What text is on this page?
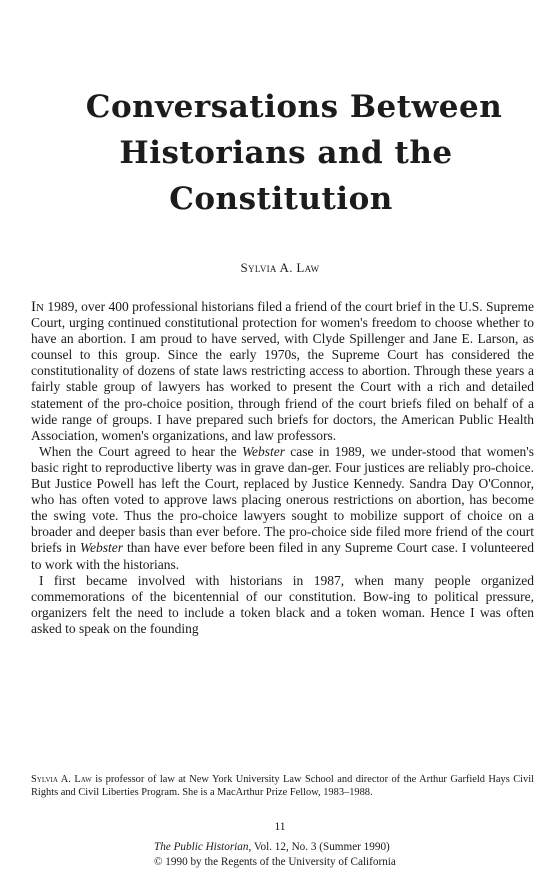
Conversations Between
Historians and the
Constitution
Sylvia A. Law

In 1989, over 400 professional historians filed a friend of the court brief in the U.S. Supreme Court, urging continued constitutional protection for women's freedom to choose whether to have an abortion. I am proud to have served, with Clyde Spillenger and Jane E. Larson, as counsel to this group. Since the early 1970s, the Supreme Court has considered the constitutionality of dozens of state laws restricting access to abortion. Through these years a fairly stable group of lawyers has worked to present the Court with a rich and detailed statement of the pro-choice position, through friend of the court briefs filed on behalf of a wide range of groups. I have prepared such briefs for doctors, the American Public Health Association, women's organizations, and law professors.

When the Court agreed to hear the Webster case in 1989, we under-stood that women's basic right to reproductive liberty was in grave dan-ger. Four justices are reliably pro-choice. But Justice Powell has left the Court, replaced by Justice Kennedy. Sandra Day O'Connor, who has often voted to approve laws placing onerous restrictions on abortion, has become the swing vote. Thus the pro-choice lawyers sought to mobilize support of choice on a broader and deeper basis than ever before. The pro-choice side filed more friend of the court briefs in Webster than have ever before been filed in any Supreme Court case. I volunteered to work with the historians.

I first became involved with historians in 1987, when many people organized commemorations of the bicentennial of our constitution. Bow-ing to political pressure, organizers felt the need to include a token black and a token woman. Hence I was often asked to speak on the founding

Sylvia A. Law is professor of law at New York University Law School and director of the Arthur Garfield Hays Civil Rights and Civil Liberties Program. She is a MacArthur Prize Fellow, 1983–1988.
11
The Public Historian, Vol. 12, No. 3 (Summer 1990)
© 1990 by the Regents of the University of California
